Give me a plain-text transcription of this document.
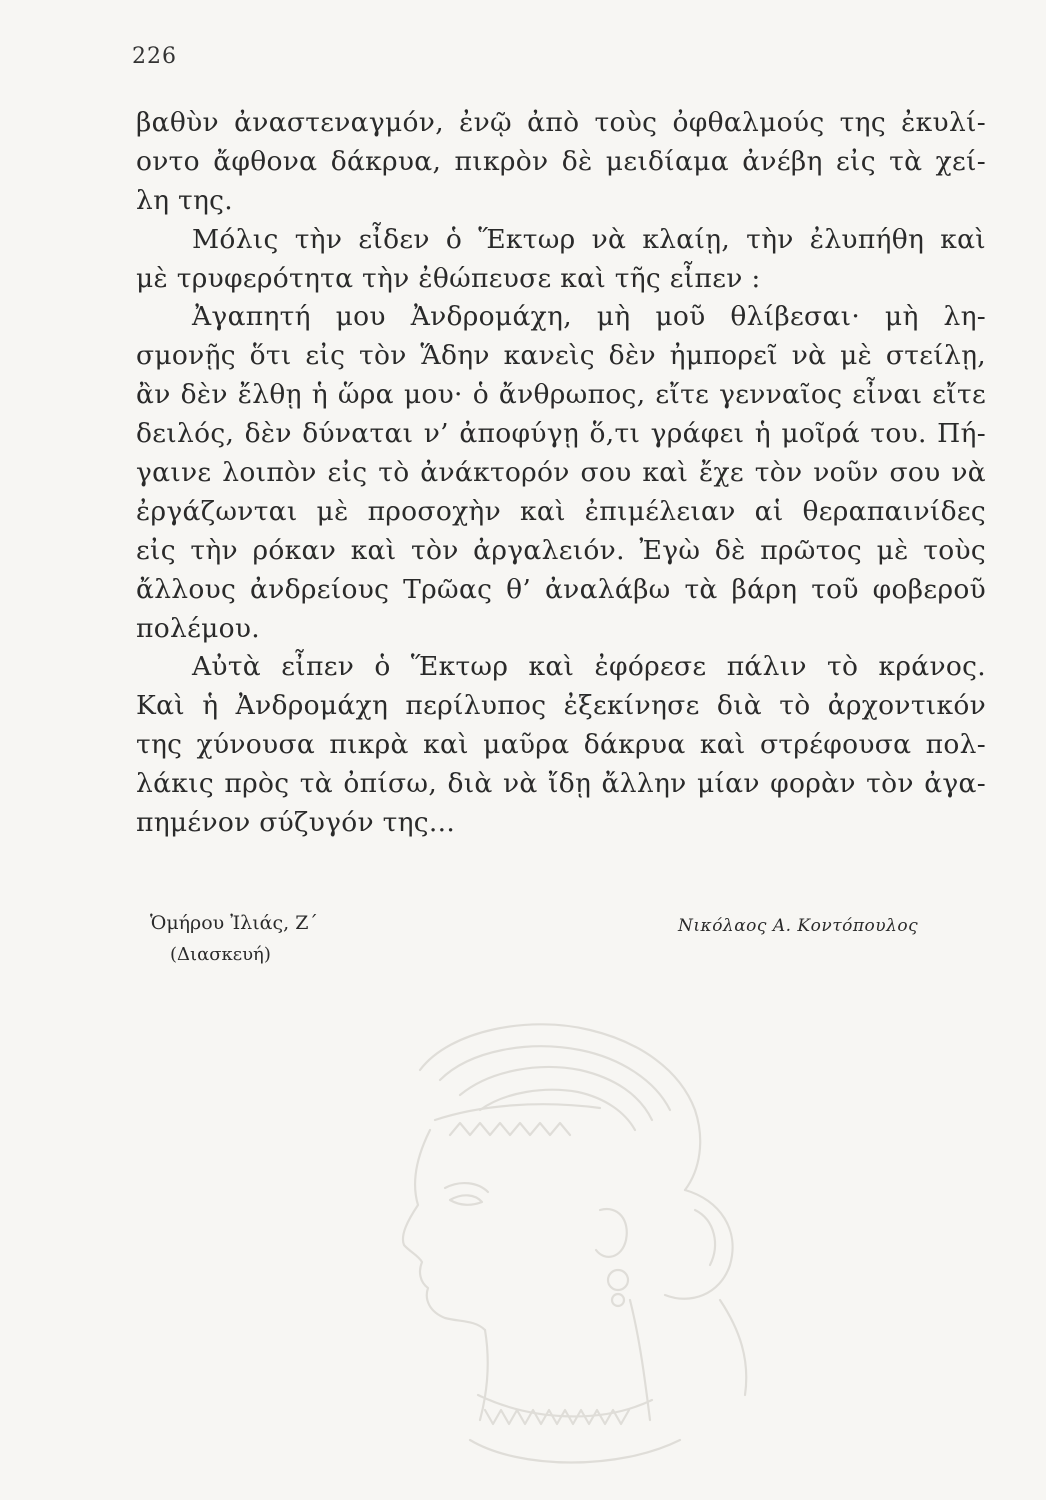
226
βαθὺν ἀναστεναγμόν, ἐνῷ ἀπὸ τοὺς ὀφθαλμούς της ἐκυλί-
οντο ἄφθονα δάκρυα, πικρὸν δὲ μειδίαμα ἀνέβη εἰς τὰ χεί-
λη της.
Μόλις τὴν εἶδεν ὁ Ἕκτωρ νὰ κλαίῃ, τὴν ἐλυπήθη καὶ
μὲ τρυφερότητα τὴν ἐθώπευσε καὶ τῆς εἶπεν :
Ἀγαπητή μου Ἀνδρομάχη, μὴ μοῦ θλίβεσαι· μὴ λη-
σμονῇς ὅτι εἰς τὸν Ἅδην κανεὶς δὲν ἠμπορεῖ νὰ μὲ στείλῃ,
ἂν δὲν ἔλθῃ ἡ ὥρα μου· ὁ ἄνθρωπος, εἴτε γενναῖος εἶναι εἴτε
δειλός, δὲν δύναται ν’ ἀποφύγῃ ὅ,τι γράφει ἡ μοῖρά του. Πή-
γαινε λοιπὸν εἰς τὸ ἀνάκτορόν σου καὶ ἔχε τὸν νοῦν σου νὰ
ἐργάζωνται μὲ προσοχὴν καὶ ἐπιμέλειαν αἱ θεραπαινίδες
εἰς τὴν ρόκαν καὶ τὸν ἀργαλειόν. Ἐγὼ δὲ πρῶτος μὲ τοὺς
ἄλλους ἀνδρείους Τρῶας θ’ ἀναλάβω τὰ βάρη τοῦ φοβεροῦ
πολέμου.
Αὐτὰ εἶπεν ὁ Ἕκτωρ καὶ ἐφόρεσε πάλιν τὸ κράνος.
Καὶ ἡ Ἀνδρομάχη περίλυπος ἐξεκίνησε διὰ τὸ ἀρχοντικόν
της χύνουσα πικρὰ καὶ μαῦρα δάκρυα καὶ στρέφουσα πολ-
λάκις πρὸς τὰ ὀπίσω, διὰ νὰ ἴδῃ ἄλλην μίαν φορὰν τὸν ἀγα-
πημένον σύζυγόν της...
Ὁμήρου Ἰλιάς, Ζ΄
(Διασκευή)
Νικόλαος Α. Κοντόπουλος
